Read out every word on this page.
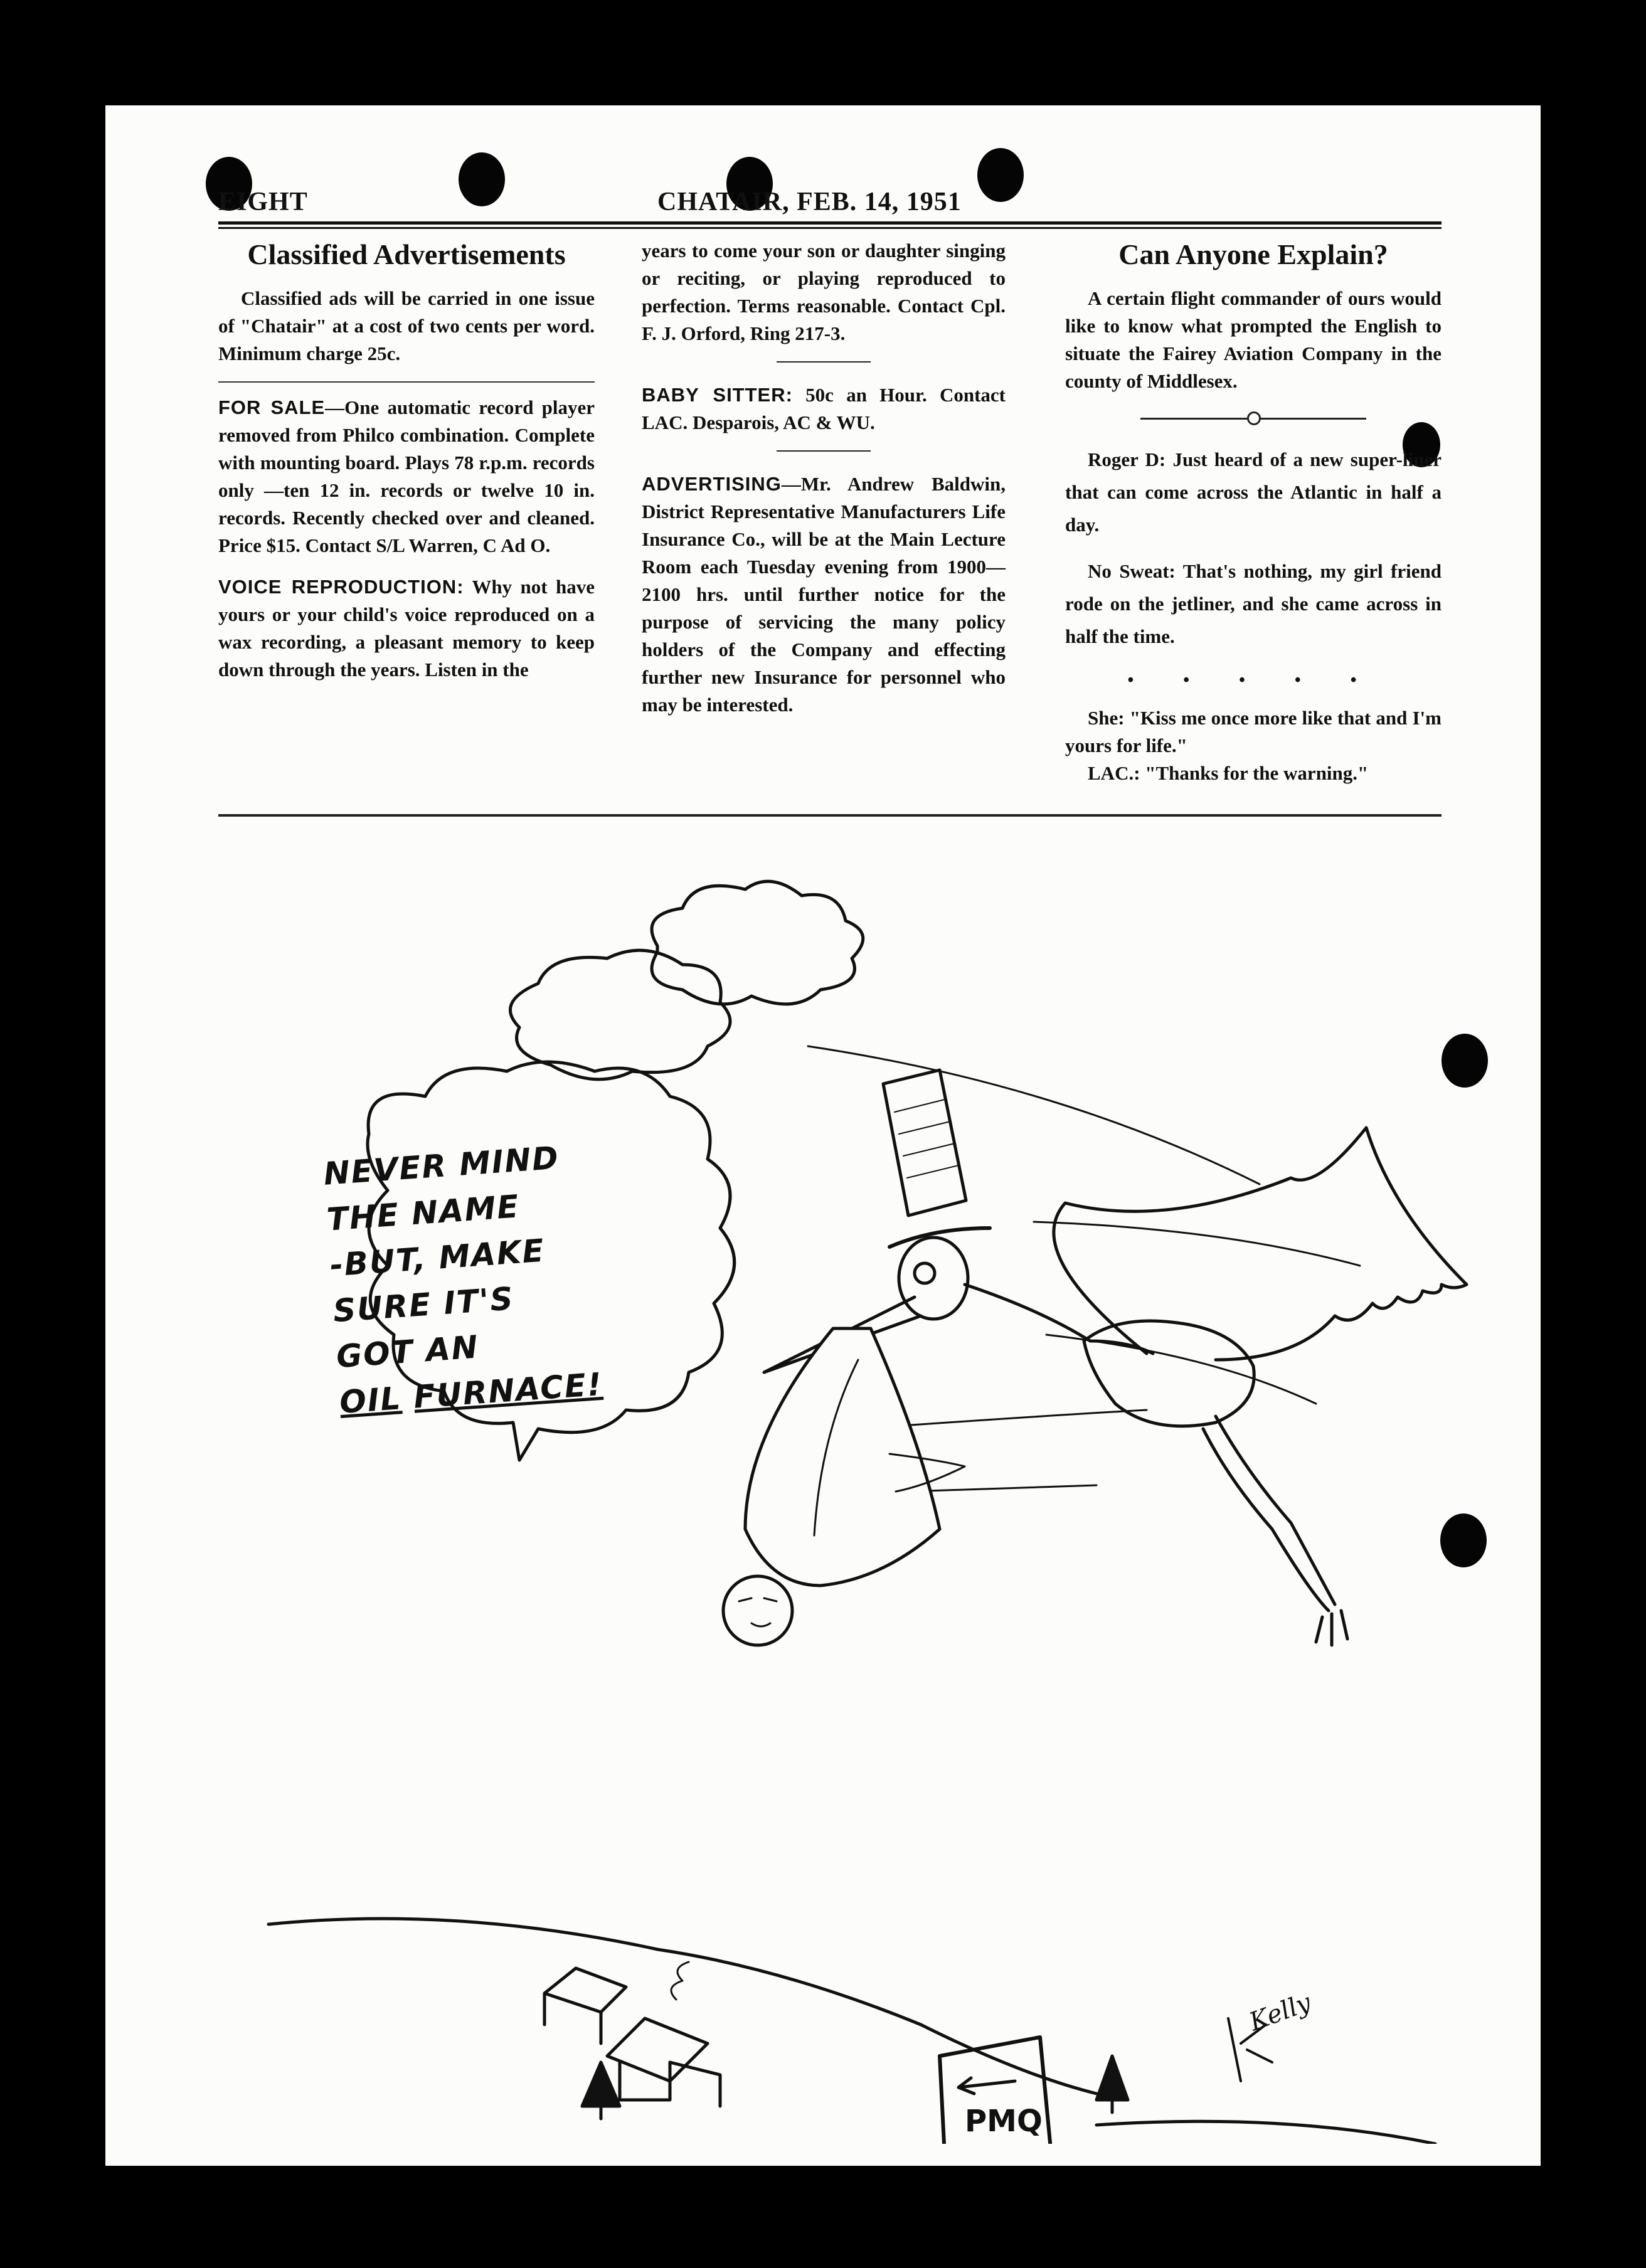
EIGHT	CHATAIR, FEB. 14, 1951
Classified Advertisements

Classified ads will be carried in one issue of "Chatair" at a cost of two cents per word. Minimum charge 25c.

FOR SALE—One automatic record player removed from Philco combination. Complete with mounting board. Plays 78 r.p.m. records only —ten 12 in. records or twelve 10 in. records. Recently checked over and cleaned. Price $15. Contact S/L Warren, C Ad O.

VOICE REPRODUCTION: Why not have yours or your child's voice reproduced on a wax recording, a pleasant memory to keep down through the years. Listen in the

years to come your son or daughter singing or reciting, or playing reproduced to perfection. Terms reasonable. Contact Cpl. F. J. Orford, Ring 217-3.

BABY SITTER: 50c an Hour. Contact LAC. Desparois, AC & WU.

ADVERTISING—Mr. Andrew Baldwin, District Representative Manufacturers Life Insurance Co., will be at the Main Lecture Room each Tuesday evening from 1900—2100 hrs. until further notice for the purpose of servicing the many policy holders of the Company and effecting further new Insurance for personnel who may be interested.

Can Anyone Explain?

A certain flight commander of ours would like to know what prompted the English to situate the Fairey Aviation Company in the county of Middlesex.

Roger D: Just heard of a new super-liner that can come across the Atlantic in half a day.

No Sweat: That's nothing, my girl friend rode on the jetliner, and she came across in half the time.

• • • • •

She: "Kiss me once more like that and I'm yours for life."

LAC.: "Thanks for the warning."

PMQ
Kelly
NEVER MIND
THE NAME
-BUT, MAKE
SURE IT'S
GOT AN
OIL FURNACE!
